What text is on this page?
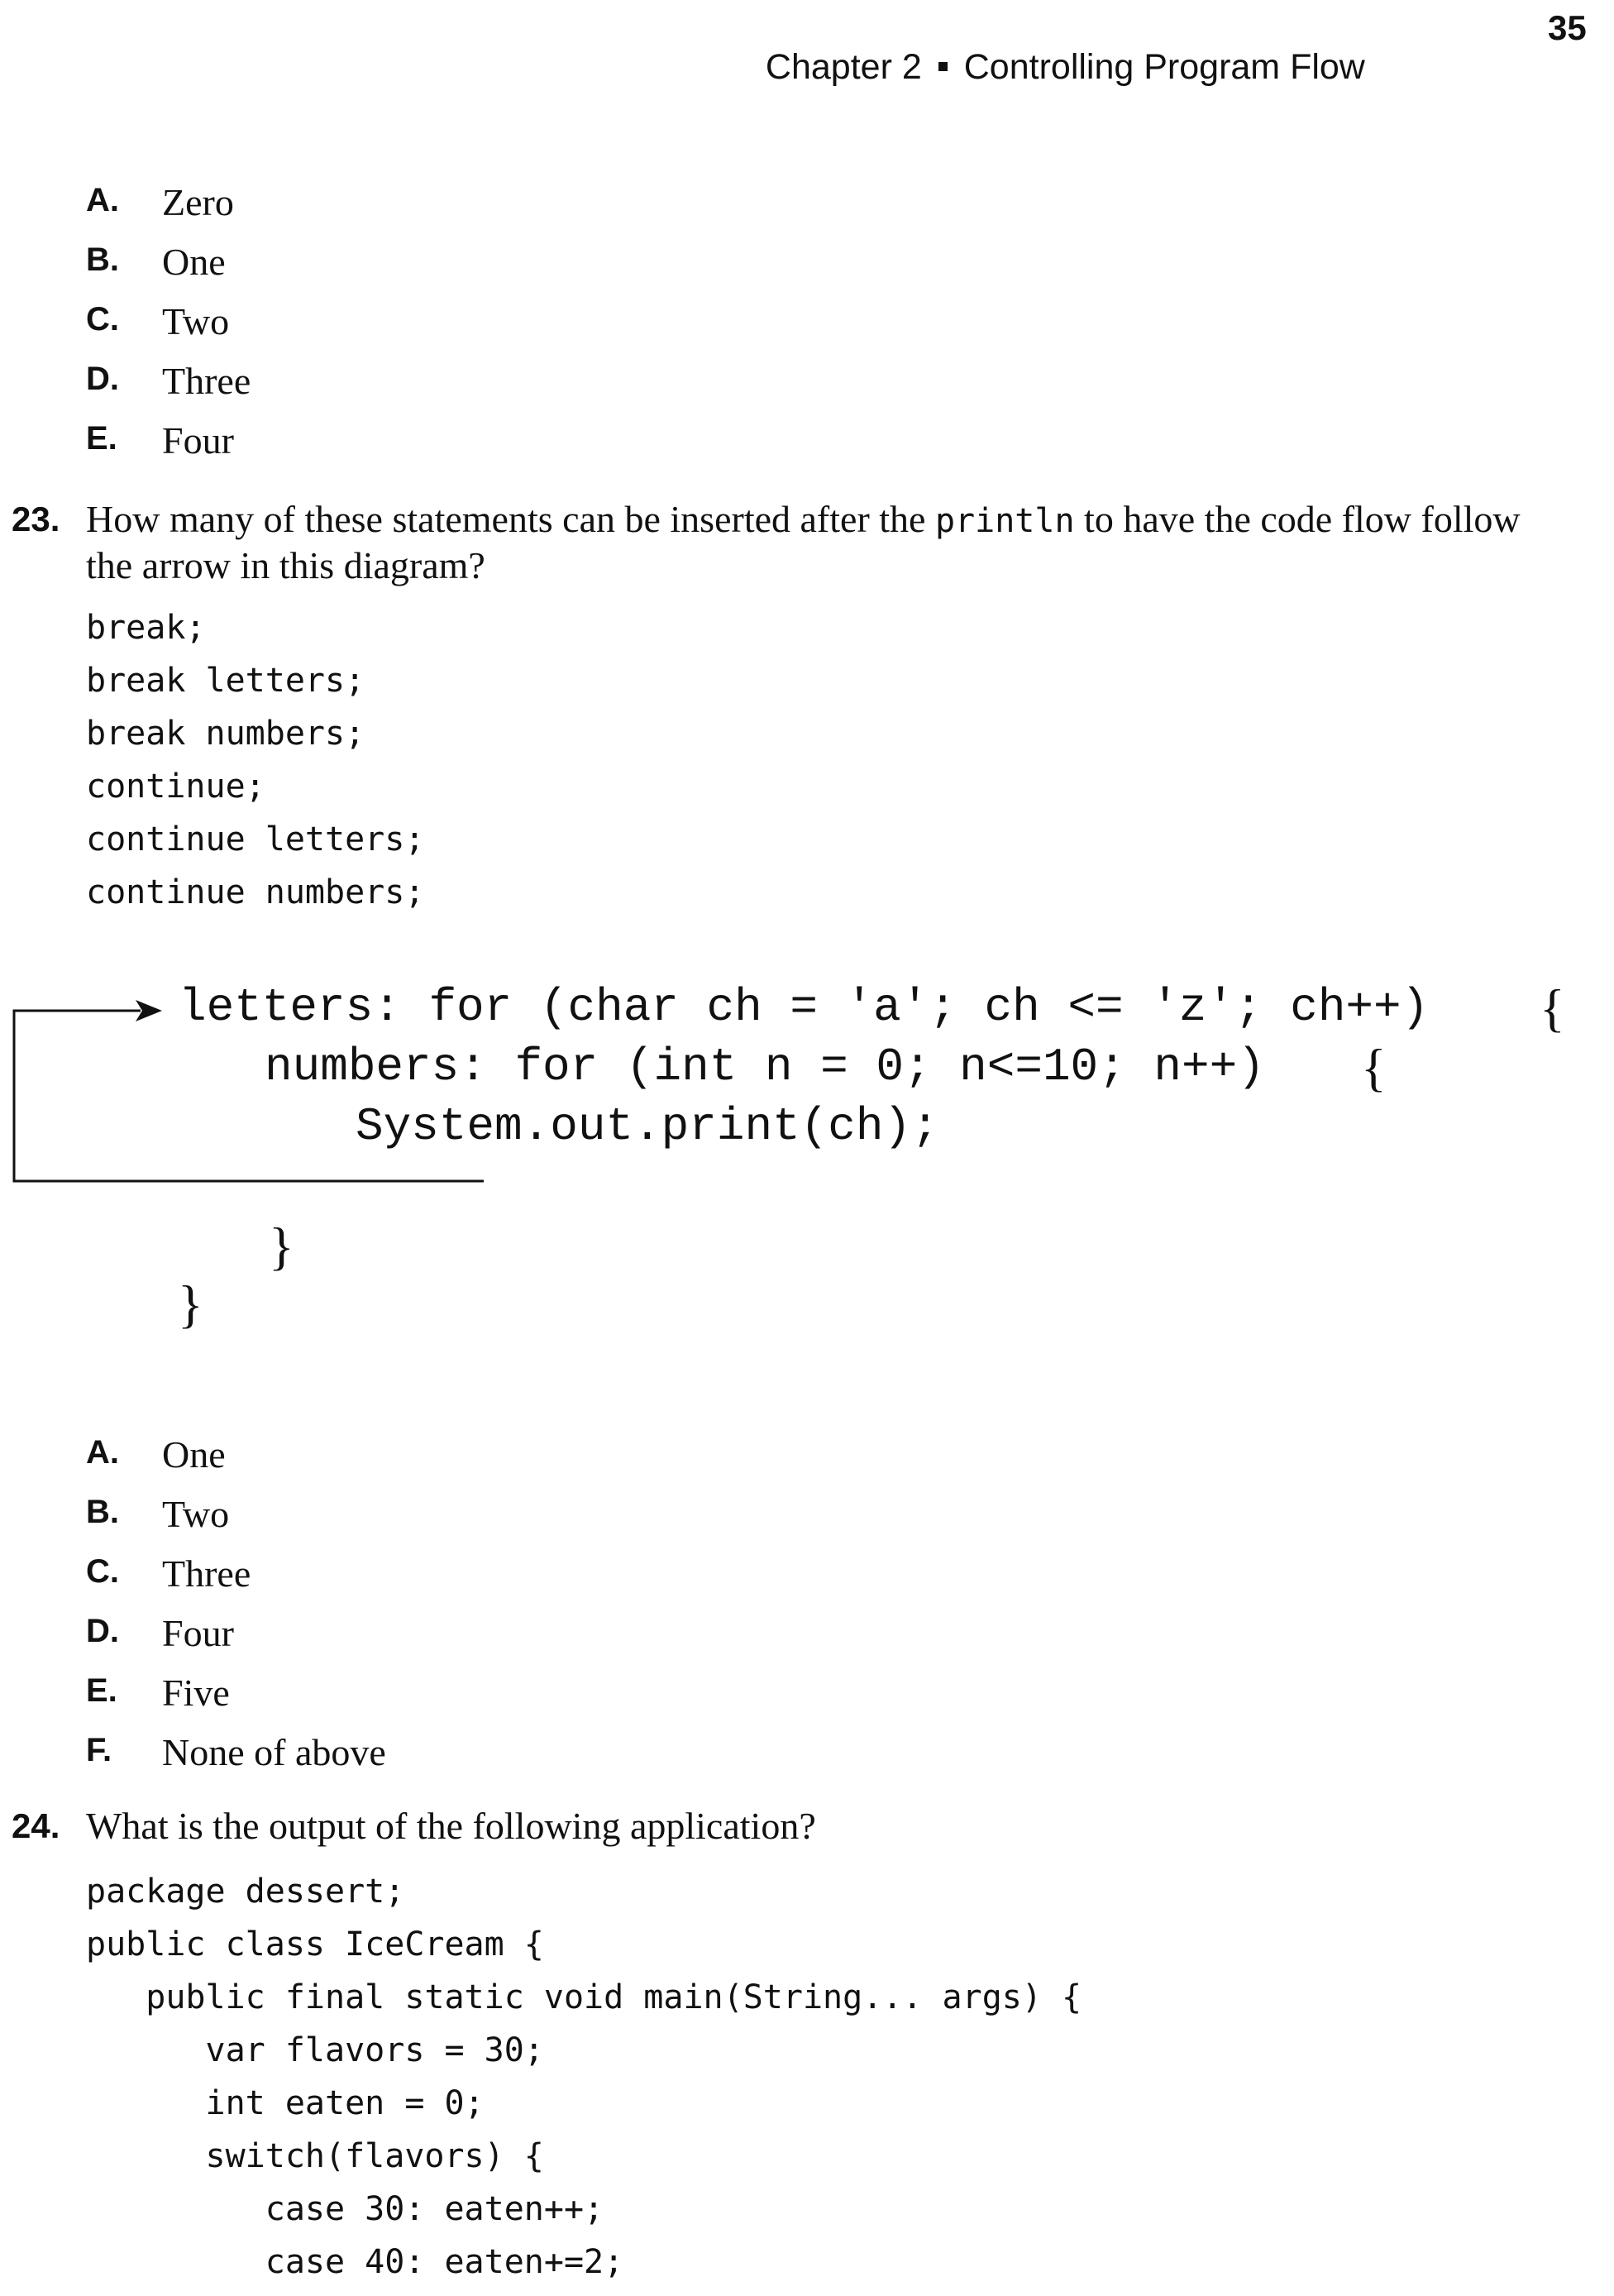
Chapter 2 Controlling Program Flow

35
A. Zero
B. One
C. Two
D. Three
E. Four
23. How many of these statements can be inserted after the println to have the code flow follow
the arrow in this diagram?
break;
break letters;
break numbers;
continue;
continue letters;
continue numbers;
letters: for (char ch = 'a'; ch <= 'z'; ch++) {
numbers: for (int n = 0; n<=10; n++) {
System.out.print(ch);
}
}
A. One
B. Two
C. Three
D. Four
E. Five
F. None of above
24. What is the output of the following application?
package dessert;
public class IceCream {
public final static void main(String... args) {
var flavors = 30;
int eaten = 0;
switch(flavors) {
case 30: eaten++;
case 40: eaten+=2;
